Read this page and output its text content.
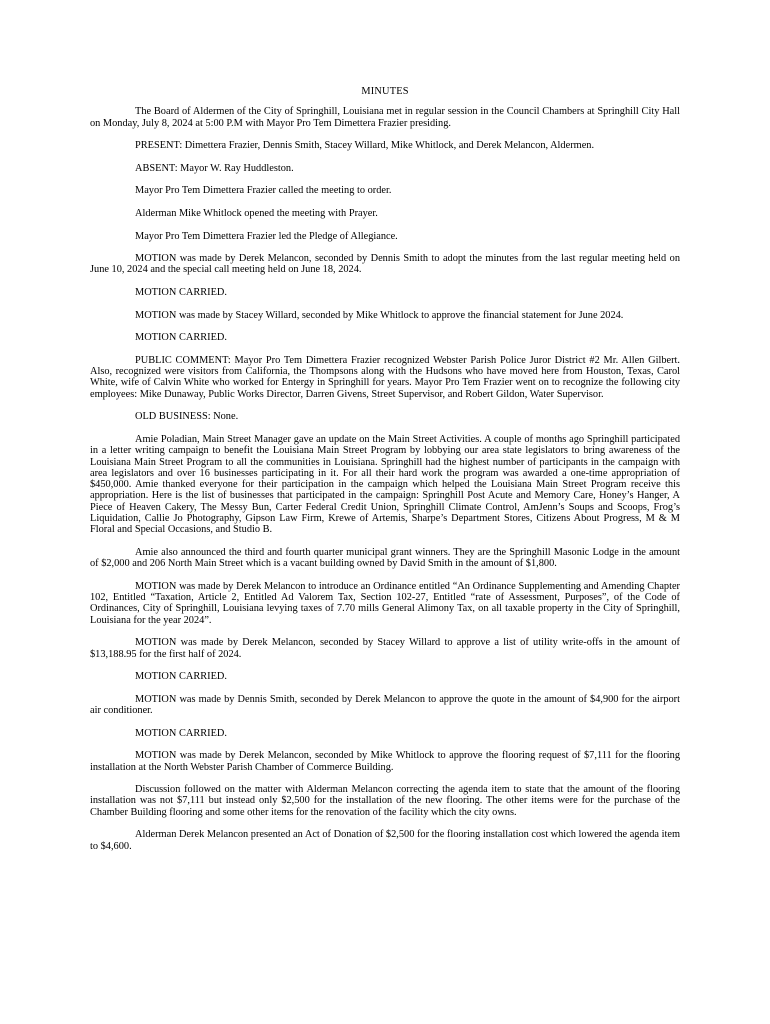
MINUTES

The Board of Aldermen of the City of Springhill, Louisiana met in regular session in the Council Chambers at Springhill City Hall on Monday, July 8, 2024 at 5:00 P.M with Mayor Pro Tem Dimettera Frazier presiding.

PRESENT: Dimettera Frazier, Dennis Smith, Stacey Willard, Mike Whitlock, and Derek Melancon, Aldermen.

ABSENT: Mayor W. Ray Huddleston.

Mayor Pro Tem Dimettera Frazier called the meeting to order.

Alderman Mike Whitlock opened the meeting with Prayer.

Mayor Pro Tem Dimettera Frazier led the Pledge of Allegiance.

MOTION was made by Derek Melancon, seconded by Dennis Smith to adopt the minutes from the last regular meeting held on June 10, 2024 and the special call meeting held on June 18, 2024.

MOTION CARRIED.

MOTION was made by Stacey Willard, seconded by Mike Whitlock to approve the financial statement for June 2024.

MOTION CARRIED.

PUBLIC COMMENT: Mayor Pro Tem Dimettera Frazier recognized Webster Parish Police Juror District #2 Mr. Allen Gilbert. Also, recognized were visitors from California, the Thompsons along with the Hudsons who have moved here from Houston, Texas, Carol White, wife of Calvin White who worked for Entergy in Springhill for years. Mayor Pro Tem Frazier went on to recognize the following city employees: Mike Dunaway, Public Works Director, Darren Givens, Street Supervisor, and Robert Gildon, Water Supervisor.

OLD BUSINESS: None.

Amie Poladian, Main Street Manager gave an update on the Main Street Activities. A couple of months ago Springhill participated in a letter writing campaign to benefit the Louisiana Main Street Program by lobbying our area state legislators to bring awareness of the Louisiana Main Street Program to all the communities in Louisiana. Springhill had the highest number of participants in the campaign with area legislators and over 16 businesses participating in it. For all their hard work the program was awarded a one-time appropriation of $450,000. Amie thanked everyone for their participation in the campaign which helped the Louisiana Main Street Program receive this appropriation. Here is the list of businesses that participated in the campaign: Springhill Post Acute and Memory Care, Honey’s Hanger, A Piece of Heaven Cakery, The Messy Bun, Carter Federal Credit Union, Springhill Climate Control, AmJenn’s Soups and Scoops, Frog’s Liquidation, Callie Jo Photography, Gipson Law Firm, Krewe of Artemis, Sharpe’s Department Stores, Citizens About Progress, M & M Floral and Special Occasions, and Studio B.

Amie also announced the third and fourth quarter municipal grant winners. They are the Springhill Masonic Lodge in the amount of $2,000 and 206 North Main Street which is a vacant building owned by David Smith in the amount of $1,800.

MOTION was made by Derek Melancon to introduce an Ordinance entitled “An Ordinance Supplementing and Amending Chapter 102, Entitled “Taxation, Article 2, Entitled Ad Valorem Tax, Section 102-27, Entitled “rate of Assessment, Purposes”, of the Code of Ordinances, City of Springhill, Louisiana levying taxes of 7.70 mills General Alimony Tax, on all taxable property in the City of Springhill, Louisiana for the year 2024”.

MOTION was made by Derek Melancon, seconded by Stacey Willard to approve a list of utility write-offs in the amount of $13,188.95 for the first half of 2024.

MOTION CARRIED.

MOTION was made by Dennis Smith, seconded by Derek Melancon to approve the quote in the amount of $4,900 for the airport air conditioner.

MOTION CARRIED.

MOTION was made by Derek Melancon, seconded by Mike Whitlock to approve the flooring request of $7,111 for the flooring installation at the North Webster Parish Chamber of Commerce Building.

Discussion followed on the matter with Alderman Melancon correcting the agenda item to state that the amount of the flooring installation was not $7,111 but instead only $2,500 for the installation of the new flooring. The other items were for the purchase of the Chamber Building flooring and some other items for the renovation of the facility which the city owns.

Alderman Derek Melancon presented an Act of Donation of $2,500 for the flooring installation cost which lowered the agenda item to $4,600.
